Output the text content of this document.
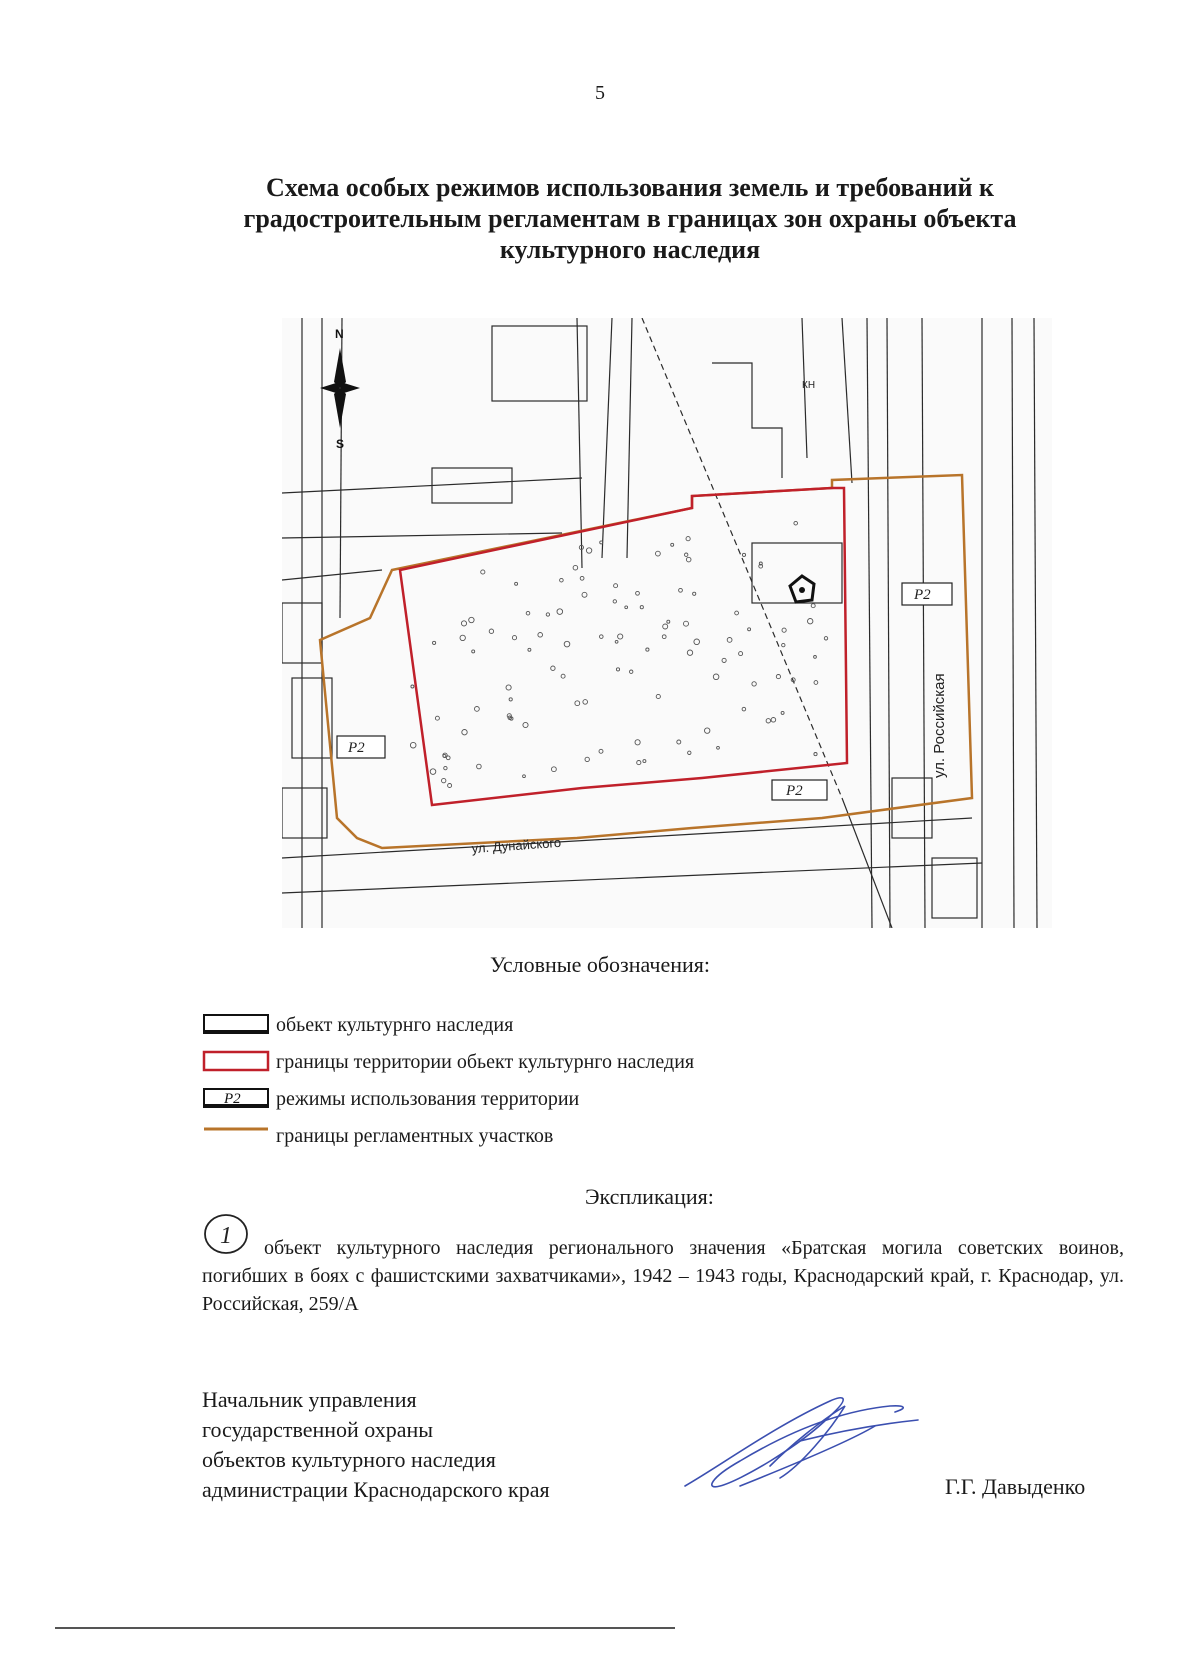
5
Схема особых режимов использования земель и требований к
градостроительным регламентам в границах зон охраны объекта
культурного наследия
N
S
Р2
Р2
Р2
ул. Российская
ул. Дунайского
КН
Условные обозначения:
обьект культурнго наследия
границы территории обьект культурнго наследия
Р2 режимы использования территории
границы регламентных участков
Экспликация:
1	объект культурного наследия регионального значения «Братская могила советских воинов, погибших в боях с фашистскими захватчиками», 1942 – 1943 годы, Краснодарский край, г. Краснодар, ул. Российская, 259/А
Начальник управления
государственной охраны
объектов культурного наследия
администрации Краснодарского края	Г.Г. Давыденко
